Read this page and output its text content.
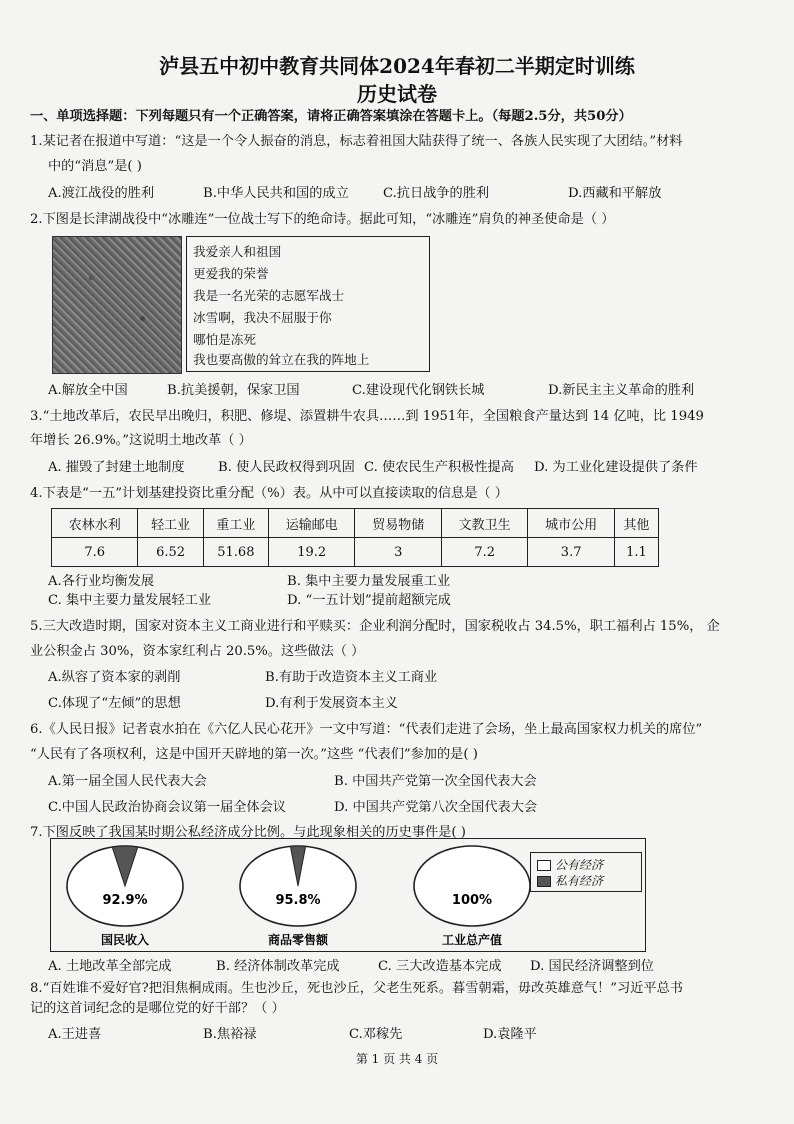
泸县五中初中教育共同体2024年春初二半期定时训练
历史试卷
一、单项选择题：下列每题只有一个正确答案，请将正确答案填涂在答题卡上。（每题2.5分，共50分）
1.某记者在报道中写道：“这是一个令人振奋的消息，标志着祖国大陆获得了统一、各族人民实现了大团结。”材料
中的“消息”是( )
A.渡江战役的胜利	B.中华人民共和国的成立	C.抗日战争的胜利	D.西藏和平解放
2.下图是长津湖战役中“冰雕连”一位战士写下的绝命诗。据此可知，“冰雕连”肩负的神圣使命是（ ）
我爱亲人和祖国
更爱我的荣誉
我是一名光荣的志愿军战士
冰雪啊，我决不屈服于你
哪怕是冻死
我也要高傲的耸立在我的阵地上
A.解放全中国	B.抗美援朝，保家卫国	C.建设现代化钢铁长城	D.新民主主义革命的胜利
3.“土地改革后，农民早出晚归，积肥、修堤、添置耕牛农具……到 1951年，全国粮食产量达到 14 亿吨，比 1949
年增长 26.9%。”这说明土地改革（ ）
A. 摧毁了封建土地制度	B. 使人民政权得到巩固 C. 使农民生产积极性提高 D. 为工业化建设提供了条件
4.下表是“一五”计划基建投资比重分配（%）表。从中可以直接读取的信息是（ ）
农林水利	轻工业	重工业	运输邮电	贸易物储	文教卫生	城市公用	其他
7.6	6.52	51.68	19.2	3	7.2	3.7	1.1
A.各行业均衡发展	B. 集中主要力量发展重工业
C. 集中主要力量发展轻工业	D. “一五计划”提前超额完成
5.三大改造时期，国家对资本主义工商业进行和平赎买：企业利润分配时，国家税收占 34.5%，职工福利占 15%， 企
业公积金占 30%，资本家红利占 20.5%。这些做法（ ）
A.纵容了资本家的剥削	B.有助于改造资本主义工商业
C.体现了“左倾”的思想	D.有利于发展资本主义
6.《人民日报》记者袁水拍在《六亿人民心花开》一文中写道：“代表们走进了会场，坐上最高国家权力机关的席位”
“人民有了各项权利，这是中国开天辟地的第一次。”这些 “代表们”参加的是( )
A.第一届全国人民代表大会	B. 中国共产党第一次全国代表大会
C.中国人民政治协商会议第一届全体会议	D. 中国共产党第八次全国代表大会
7.下图反映了我国某时期公私经济成分比例。与此现象相关的历史事件是( )
92.9%
国民收入
95.8%
商品零售额
100%
工业总产值
公有经济
私有经济
A. 土地改革全部完成	B. 经济体制改革完成	C. 三大改造基本完成 D. 国民经济调整到位
8.“百姓谁不爱好官?把泪焦桐成雨。生也沙丘，死也沙丘，父老生死系。暮雪朝霜，毋改英雄意气！”习近平总书
记的这首词纪念的是哪位党的好干部？（ ）
A.王进喜	B.焦裕禄	C.邓稼先	D.袁隆平
第 1 页 共 4 页
